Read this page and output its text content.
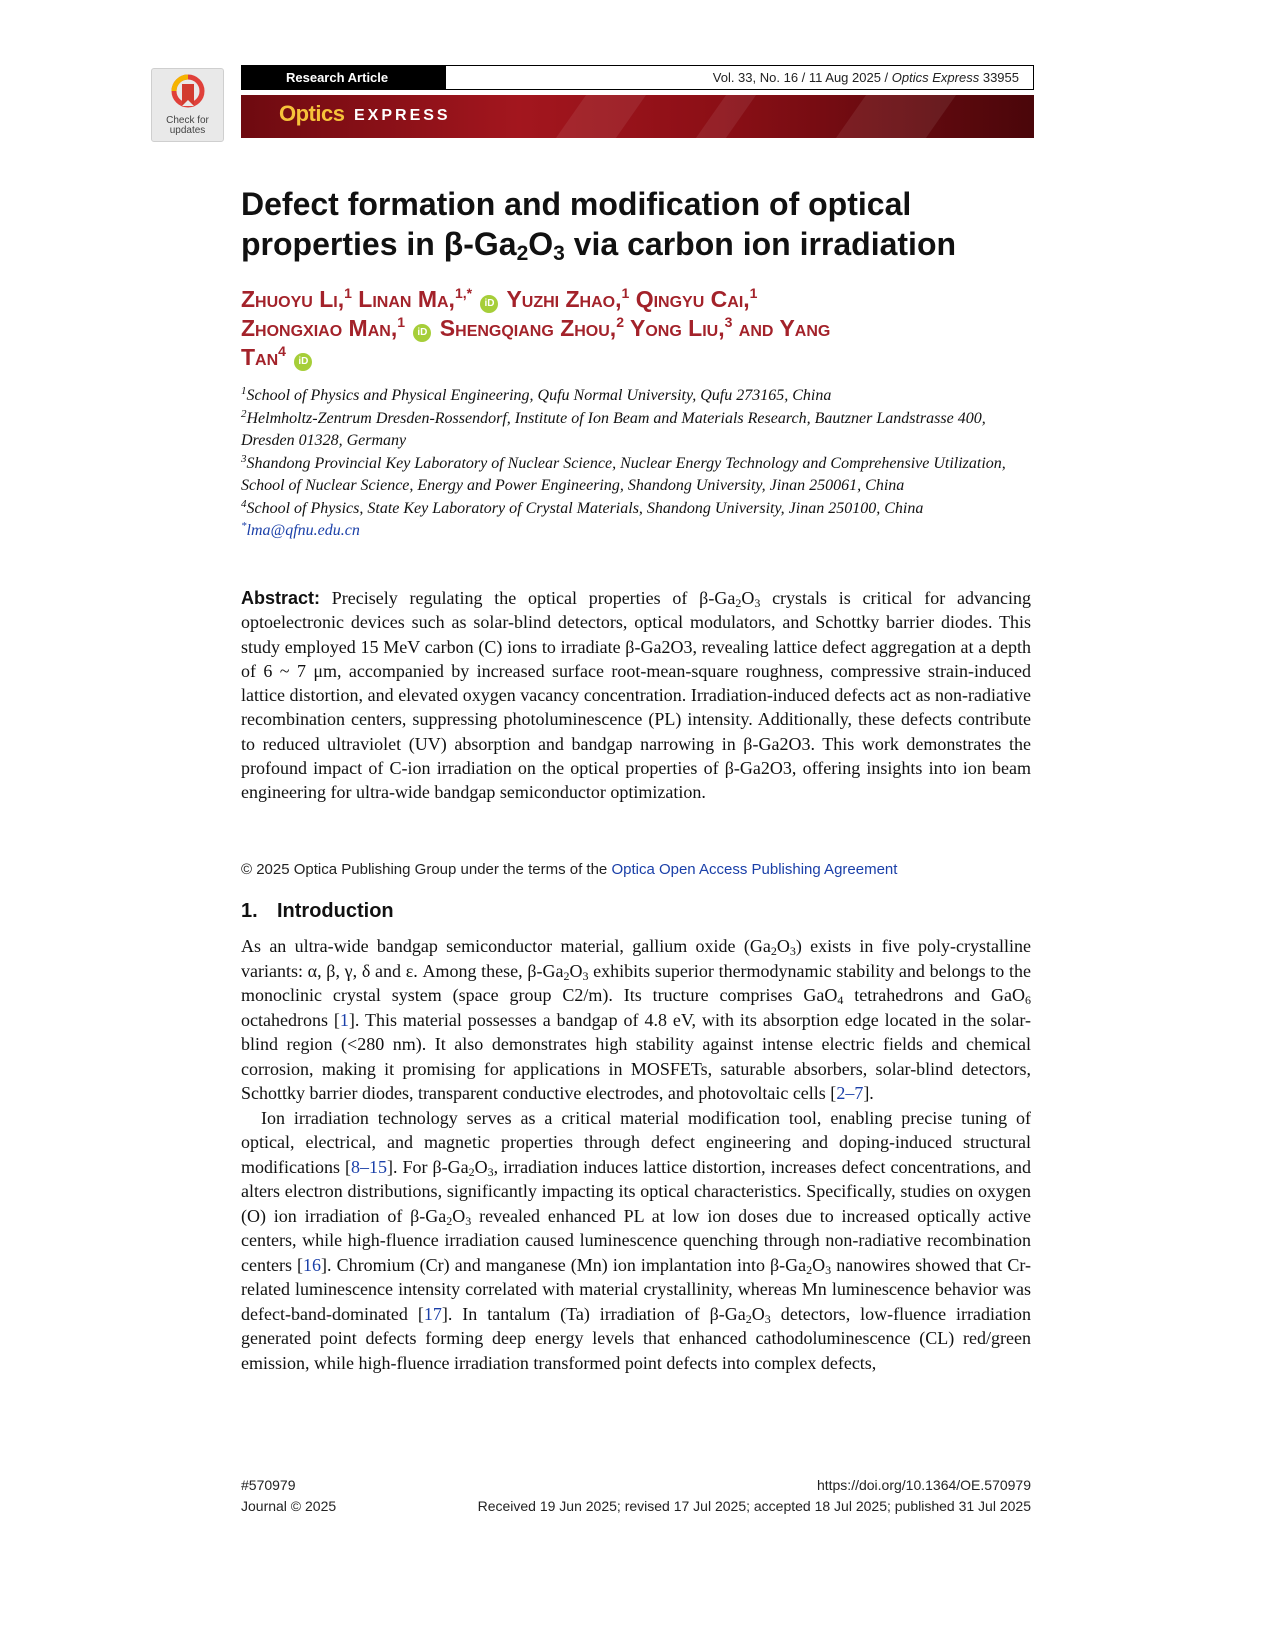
Check for
updates
Research Article	Vol. 33, No. 16 / 11 Aug 2025 / Optics Express 33955
Optics EXPRESS
Defect formation and modification of optical
properties in $\beta-Ga_2O_3$ via carbon ion irradiation
Zhuoyu Li,$^1$ Linan Ma,$^{1,*}$ iD Yuzhi Zhao,$^1$ Qingyu Cai,$^1$
Zhongxiao Man,$^1$ iD Shengqiang Zhou,$^2$ Yong Liu,$^3$ and Yang
Tan$^4$ iD
$^1$School of Physics and Physical Engineering, Qufu Normal University, Qufu 273165, China
$^2$Helmholtz-Zentrum Dresden-Rossendorf, Institute of Ion Beam and Materials Research, Bautzner Landstrasse 400, Dresden 01328, Germany
$^3$Shandong Provincial Key Laboratory of Nuclear Science, Nuclear Energy Technology and Comprehensive Utilization, School of Nuclear Science, Energy and Power Engineering, Shandong University, Jinan 250061, China
$^4$School of Physics, State Key Laboratory of Crystal Materials, Shandong University, Jinan 250100, China
*lma@qfnu.edu.cn

Abstract: Precisely regulating the optical properties of $\beta-Ga_2O_3$ crystals is critical for advancing optoelectronic devices such as solar-blind detectors, optical modulators, and Schottky barrier diodes. This study employed 15 MeV carbon (C) ions to irradiate β-Ga2O3, revealing lattice defect aggregation at a depth of 6 ~ 7 μm, accompanied by increased surface root-mean-square roughness, compressive strain-induced lattice distortion, and elevated oxygen vacancy concentration. Irradiation-induced defects act as non-radiative recombination centers, suppressing photoluminescence (PL) intensity. Additionally, these defects contribute to reduced ultraviolet (UV) absorption and bandgap narrowing in β-Ga2O3. This work demonstrates the profound impact of C-ion irradiation on the optical properties of β-Ga2O3, offering insights into ion beam engineering for ultra-wide bandgap semiconductor optimization.

© 2025 Optica Publishing Group under the terms of the Optica Open Access Publishing Agreement
1. Introduction

As an ultra-wide bandgap semiconductor material, gallium oxide $(Ga_2O_3)$ exists in five poly-crystalline variants: α, β, γ, δ and ε. Among these, $\beta-Ga_2O_3$ exhibits superior thermodynamic stability and belongs to the monoclinic crystal system (space group C2/m). Its tructure comprises GaO$_4$ tetrahedrons and GaO$_6$ octahedrons [1]. This material possesses a bandgap of 4.8 eV, with its absorption edge located in the solar-blind region (<280 nm). It also demonstrates high stability against intense electric fields and chemical corrosion, making it promising for applications in MOSFETs, saturable absorbers, solar-blind detectors, Schottky barrier diodes, transparent conductive electrodes, and photovoltaic cells [2–7].

Ion irradiation technology serves as a critical material modification tool, enabling precise tuning of optical, electrical, and magnetic properties through defect engineering and doping-induced structural modifications [8–15]. For $\beta-Ga_2O_3$, irradiation induces lattice distortion, increases defect concentrations, and alters electron distributions, significantly impacting its optical characteristics. Specifically, studies on oxygen (O) ion irradiation of $\beta-Ga_2O_3$ revealed enhanced PL at low ion doses due to increased optically active centers, while high-fluence irradiation caused luminescence quenching through non-radiative recombination centers [16]. Chromium (Cr) and manganese (Mn) ion implantation into $\beta-Ga_2O_3$ nanowires showed that Cr-related luminescence intensity correlated with material crystallinity, whereas Mn luminescence behavior was defect-band-dominated [17]. In tantalum (Ta) irradiation of $\beta-Ga_2O_3$ detectors, low-fluence irradiation generated point defects forming deep energy levels that enhanced cathodoluminescence (CL) red/green emission, while high-fluence irradiation transformed point defects into complex defects,

#570979	https://doi.org/10.1364/OE.570979
Journal © 2025	Received 19 Jun 2025; revised 17 Jul 2025; accepted 18 Jul 2025; published 31 Jul 2025
